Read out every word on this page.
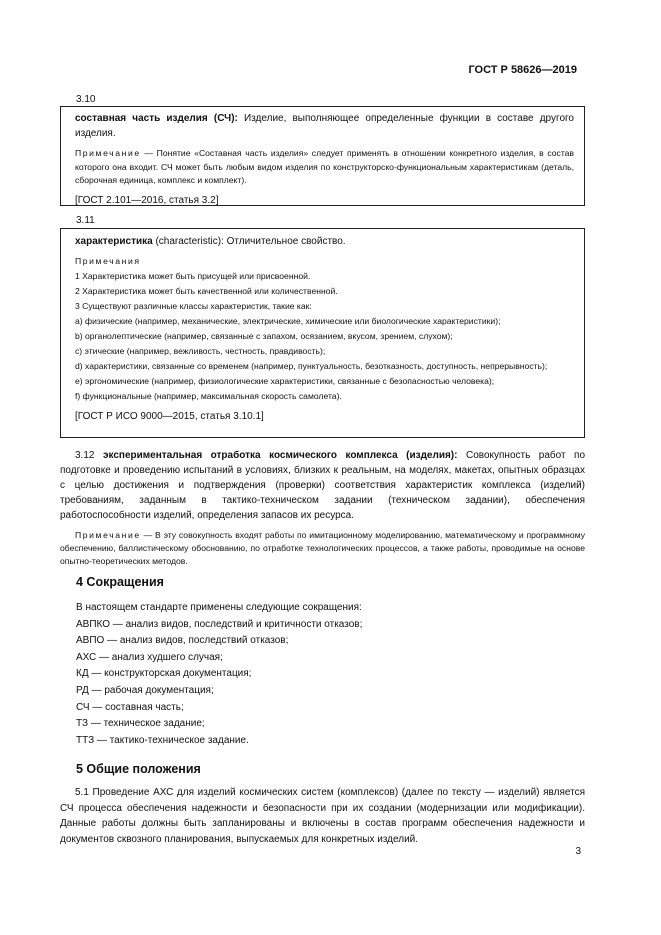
ГОСТ Р 58626—2019
3.10

составная часть изделия (СЧ): Изделие, выполняющее определенные функции в составе другого изделия.

Примечание — Понятие «Составная часть изделия» следует применять в отношении конкретного изделия, в состав которого она входит. СЧ может быть любым видом изделия по конструкторско-функциональным характеристикам (деталь, сборочная единица, комплекс и комплект).

[ГОСТ 2.101—2016, статья 3.2]

3.11

характеристика (characteristic): Отличительное свойство.

Примечания
1 Характеристика может быть присущей или присвоенной.
2 Характеристика может быть качественной или количественной.
3 Существуют различные классы характеристик, такие как:
a) физические (например, механические, электрические, химические или биологические характеристики);
b) органолептические (например, связанные с запахом, осязанием, вкусом, зрением, слухом);
c) этические (например, вежливость, честность, правдивость);

d) характеристики, связанные со временем (например, пунктуальность, безотказность, доступность, непрерывность);

e) эргономические (например, физиологические характеристики, связанные с безопасностью человека);
f) функциональные (например, максимальная скорость самолета).

[ГОСТ Р ИСО 9000—2015, статья 3.10.1]

3.12 экспериментальная отработка космического комплекса (изделия): Совокупность работ по подготовке и проведению испытаний в условиях, близких к реальным, на моделях, макетах, опытных образцах с целью достижения и подтверждения (проверки) соответствия характеристик комплекса (изделий) требованиям, заданным в тактико-техническом задании (техническом задании), обеспечения работоспособности изделий, определения запасов их ресурса.

Примечание — В эту совокупность входят работы по имитационному моделированию, математическому и программному обеспечению, баллистическому обоснованию, по отработке технологических процессов, а также работы, проводимые на основе опытно-теоретических методов.

4 Сокращения
В настоящем стандарте применены следующие сокращения:
АВПКО — анализ видов, последствий и критичности отказов;
АВПО — анализ видов, последствий отказов;
АХС — анализ худшего случая;
КД — конструкторская документация;
РД — рабочая документация;
СЧ — составная часть;
ТЗ — техническое задание;
ТТЗ — тактико-техническое задание.
5 Общие положения

5.1 Проведение АХС для изделий космических систем (комплексов) (далее по тексту — изделий) является СЧ процесса обеспечения надежности и безопасности при их создании (модернизации или модификации). Данные работы должны быть запланированы и включены в состав программ обеспечения надежности и документов сквозного планирования, выпускаемых для конкретных изделий.

3
